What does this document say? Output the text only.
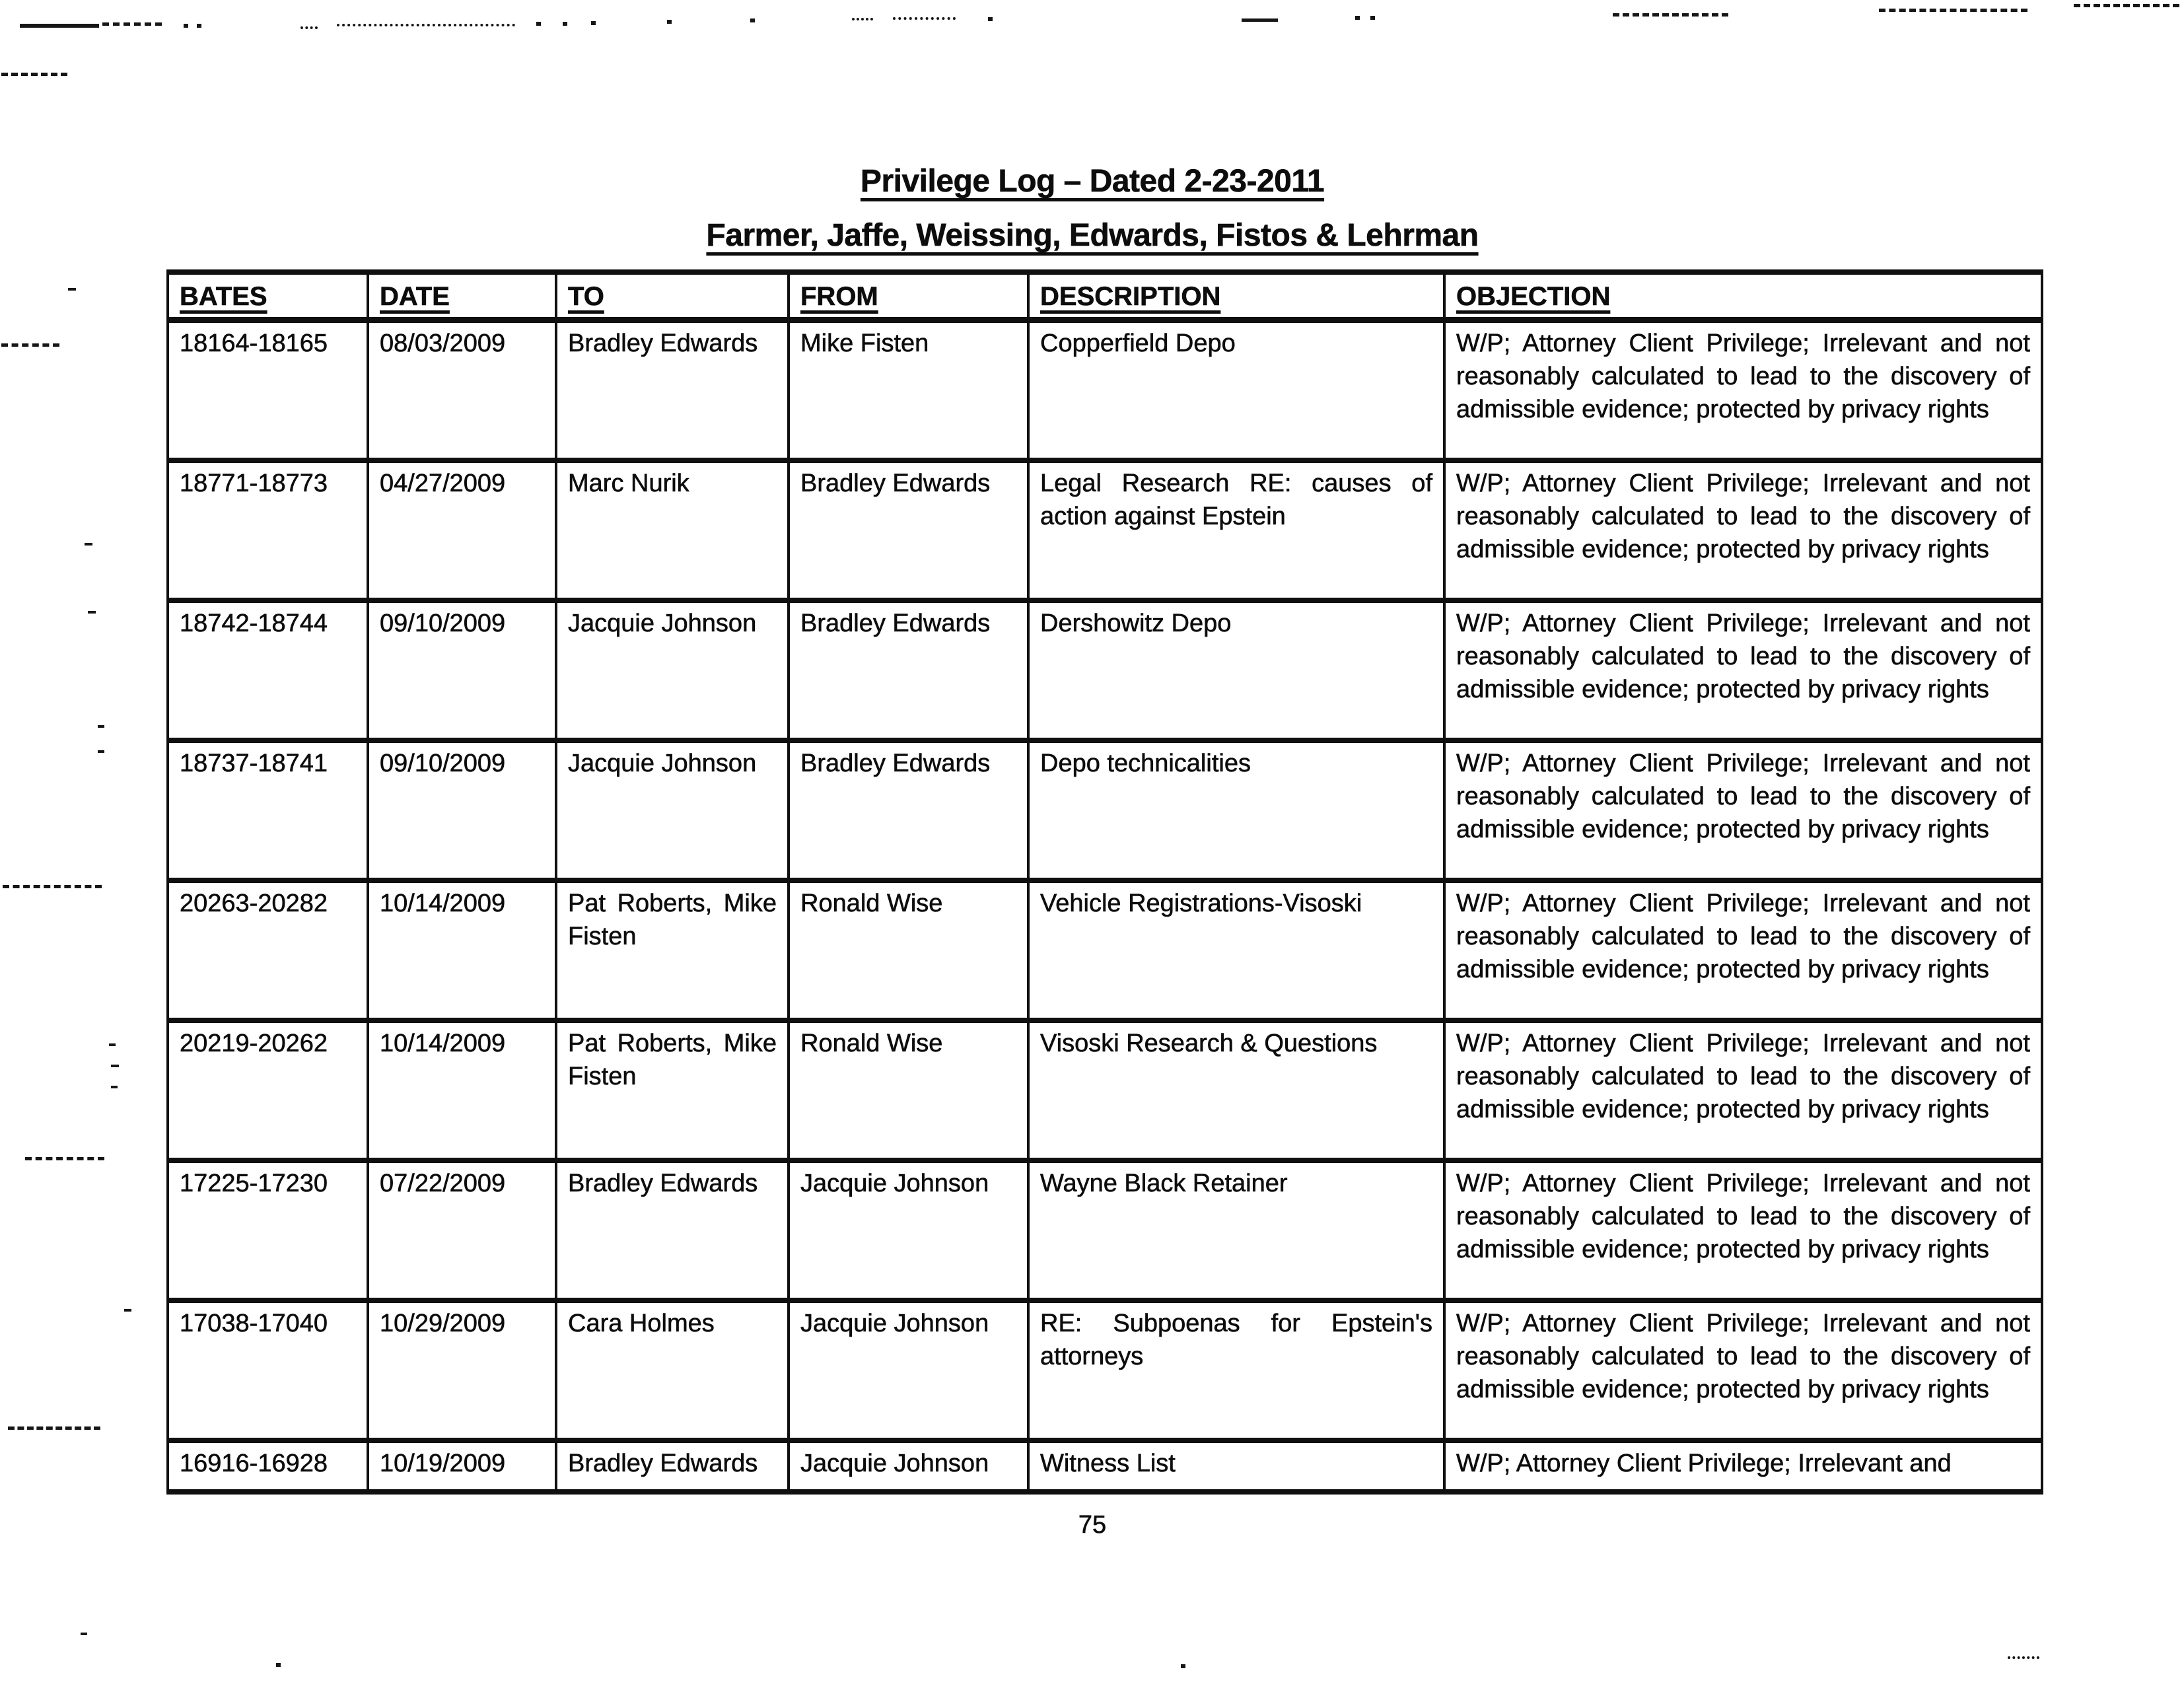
Privilege Log – Dated 2-23-2011
Farmer, Jaffe, Weissing, Edwards, Fistos & Lehrman
BATES	DATE	TO	FROM	DESCRIPTION	OBJECTION
18164-18165	08/03/2009	Bradley Edwards	Mike Fisten	Copperfield Depo	W/P; Attorney Client Privilege; Irrelevant and not reasonably calculated to lead to the discovery of admissible evidence; protected by privacy rights
18771-18773	04/27/2009	Marc Nurik	Bradley Edwards	Legal Research RE: causes of action against Epstein	W/P; Attorney Client Privilege; Irrelevant and not reasonably calculated to lead to the discovery of admissible evidence; protected by privacy rights
18742-18744	09/10/2009	Jacquie Johnson	Bradley Edwards	Dershowitz Depo	W/P; Attorney Client Privilege; Irrelevant and not reasonably calculated to lead to the discovery of admissible evidence; protected by privacy rights
18737-18741	09/10/2009	Jacquie Johnson	Bradley Edwards	Depo technicalities	W/P; Attorney Client Privilege; Irrelevant and not reasonably calculated to lead to the discovery of admissible evidence; protected by privacy rights
20263-20282	10/14/2009	Pat Roberts, Mike Fisten	Ronald Wise	Vehicle Registrations-Visoski	W/P; Attorney Client Privilege; Irrelevant and not reasonably calculated to lead to the discovery of admissible evidence; protected by privacy rights
20219-20262	10/14/2009	Pat Roberts, Mike Fisten	Ronald Wise	Visoski Research & Questions	W/P; Attorney Client Privilege; Irrelevant and not reasonably calculated to lead to the discovery of admissible evidence; protected by privacy rights
17225-17230	07/22/2009	Bradley Edwards	Jacquie Johnson	Wayne Black Retainer	W/P; Attorney Client Privilege; Irrelevant and not reasonably calculated to lead to the discovery of admissible evidence; protected by privacy rights
17038-17040	10/29/2009	Cara Holmes	Jacquie Johnson	RE: Subpoenas for Epstein's attorneys	W/P; Attorney Client Privilege; Irrelevant and not reasonably calculated to lead to the discovery of admissible evidence; protected by privacy rights
16916-16928	10/19/2009	Bradley Edwards	Jacquie Johnson	Witness List	W/P; Attorney Client Privilege; Irrelevant and
75
